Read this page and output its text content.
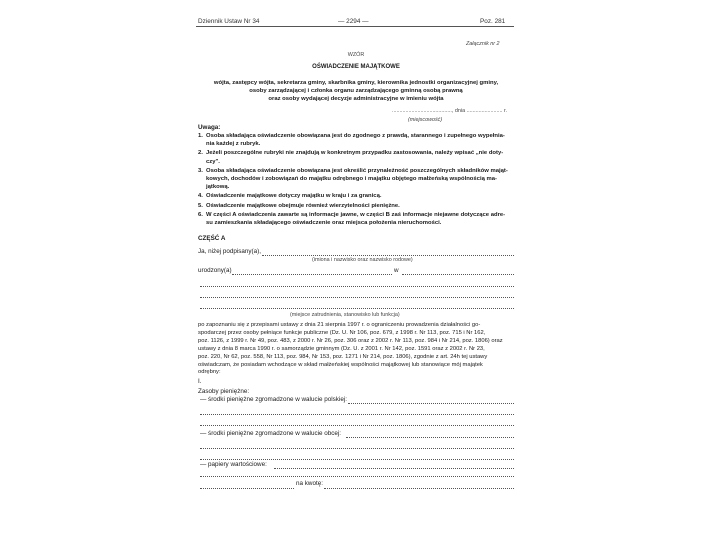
Dziennik Ustaw Nr 34	— 2294 —	Poz. 281
Załącznik nr 2
WZÓR
OŚWIADCZENIE MAJĄTKOWE
wójta, zastępcy wójta, sekretarza gminy, skarbnika gminy, kierownika jednostki organizacyjnej gminy,
osoby zarządzającej i członka organu zarządzającego gminną osobą prawną
oraz osoby wydającej decyzje administracyjne w imieniu wójta
........................................, dnia ........................ r.
(miejscowość)
Uwaga:
1. Osoba składająca oświadczenie obowiązana jest do zgodnego z prawdą, starannego i zupełnego wypełnia-
nia każdej z rubryk.
2. Jeżeli poszczególne rubryki nie znajdują w konkretnym przypadku zastosowania, należy wpisać „nie doty-
czy".
3. Osoba składająca oświadczenie obowiązana jest określić przynależność poszczególnych składników mająt-
kowych, dochodów i zobowiązań do majątku odrębnego i majątku objętego małżeńską wspólnością ma-
jątkową.
4. Oświadczenie majątkowe dotyczy majątku w kraju i za granicą.
5. Oświadczenie majątkowe obejmuje również wierzytelności pieniężne.
6. W części A oświadczenia zawarte są informacje jawne, w części B zaś informacje niejawne dotyczące adre-
su zamieszkania składającego oświadczenie oraz miejsca położenia nieruchomości.
CZĘŚĆ A
Ja, niżej podpisany(a),
(imiona i nazwisko oraz nazwisko rodowe)
urodzony(a)	w
(miejsce zatrudnienia, stanowisko lub funkcja)
po zapoznaniu się z przepisami ustawy z dnia 21 sierpnia 1997 r. o ograniczeniu prowadzenia działalności go-
spodarczej przez osoby pełniące funkcje publiczne (Dz. U. Nr 106, poz. 679, z 1998 r. Nr 113, poz. 715 i Nr 162,
poz. 1126, z 1999 r. Nr 49, poz. 483, z 2000 r. Nr 26, poz. 306 oraz z 2002 r. Nr 113, poz. 984 i Nr 214, poz. 1806) oraz
ustawy z dnia 8 marca 1990 r. o samorządzie gminnym (Dz. U. z 2001 r. Nr 142, poz. 1591 oraz z 2002 r. Nr 23,
poz. 220, Nr 62, poz. 558, Nr 113, poz. 984, Nr 153, poz. 1271 i Nr 214, poz. 1806), zgodnie z art. 24h tej ustawy
oświadczam, że posiadam wchodzące w skład małżeńskiej wspólności majątkowej lub stanowiące mój majątek
odrębny:
I.
Zasoby pieniężne:
— środki pieniężne zgromadzone w walucie polskiej:
— środki pieniężne zgromadzone w walucie obcej:
— papiery wartościowe:
na kwotę:
